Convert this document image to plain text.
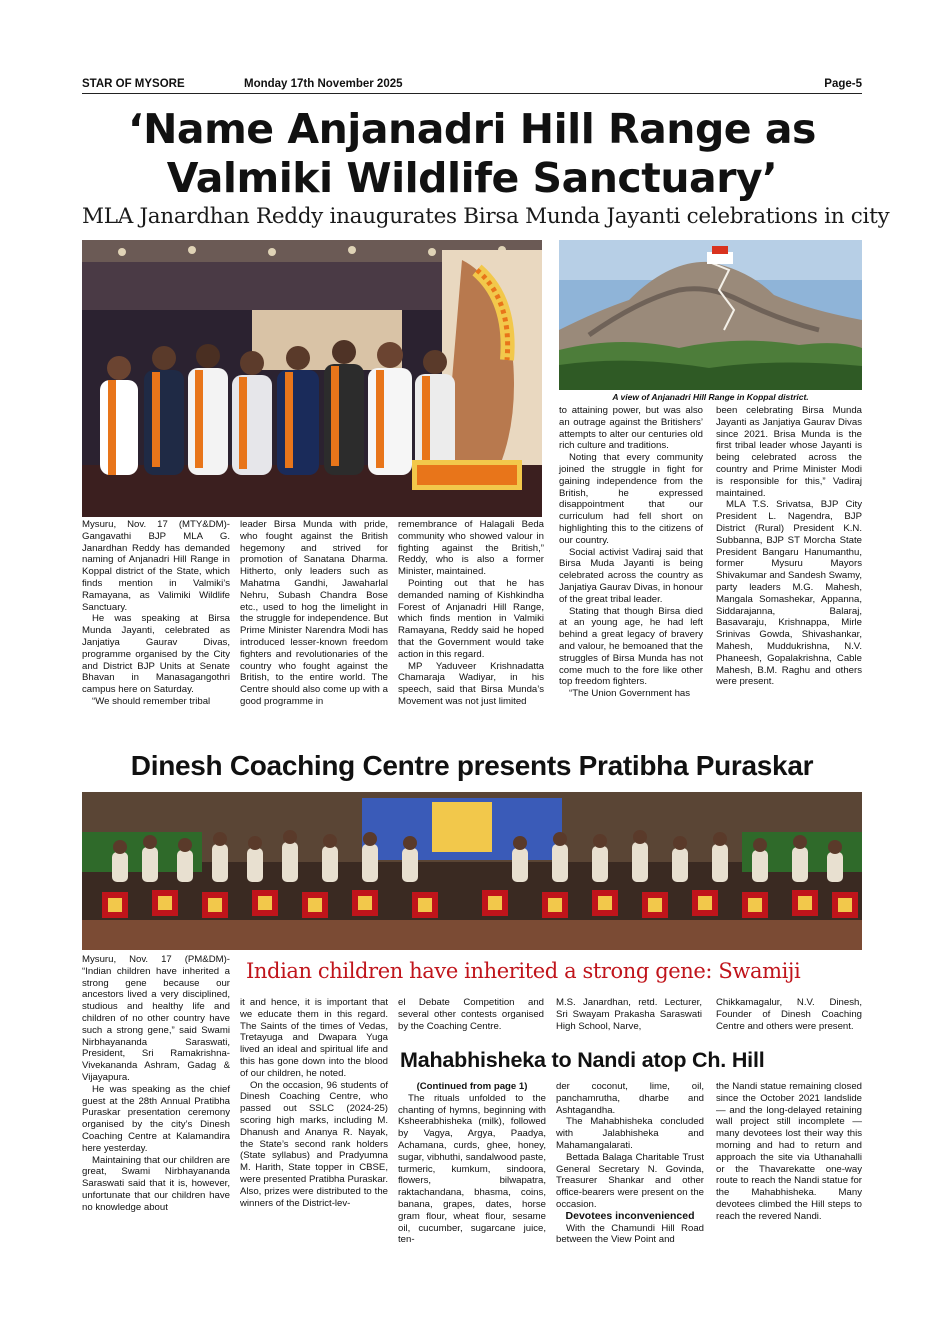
STAR OF MYSORE	Monday 17th November 2025	Page-5
‘Name Anjanadri Hill Range as
Valmiki Wildlife Sanctuary’
MLA Janardhan Reddy inaugurates Birsa Munda Jayanti celebrations in city
A view of Anjanadri Hill Range in Koppal district.

Mysuru, Nov. 17 (MTY&DM)- Gangavathi BJP MLA G. Janardhan Reddy has demanded naming of Anjanadri Hill Range in Koppal district of the State, which finds mention in Valmiki’s Ramayana, as Valimiki Wildlife Sanctuary.

He was speaking at Birsa Munda Jayanti, celebrated as Janjatiya Gaurav Divas, programme organised by the City and District BJP Units at Senate Bhavan in Manasagangothri campus here on Saturday.

“We should remember tribal

leader Birsa Munda with pride, who fought against the British hegemony and strived for promotion of Sanatana Dharma. Hitherto, only leaders such as Mahatma Gandhi, Jawaharlal Nehru, Subash Chandra Bose etc., used to hog the limelight in the struggle for independence. But Prime Minister Narendra Modi has introduced lesser-known freedom fighters and revolutionaries of the country who fought against the British, to the entire world. The Centre should also come up with a good programme in

remembrance of Halagali Beda community who showed valour in fighting against the British,” Reddy, who is also a former Minister, maintained.

Pointing out that he has demanded naming of Kishkindha Forest of Anjanadri Hill Range, which finds mention in Valmiki Ramayana, Reddy said he hoped that the Government would take action in this regard.

MP Yaduveer Krishnadatta Chamaraja Wadiyar, in his speech, said that Birsa Munda’s Movement was not just limited

to attaining power, but was also an outrage against the Britishers’ attempts to alter our centuries old rich culture and traditions.

Noting that every community joined the struggle in fight for gaining independence from the British, he expressed disappointment that our curriculum had fell short on highlighting this to the citizens of our country.

Social activist Vadiraj said that Birsa Muda Jayanti is being celebrated across the country as Janjatiya Gaurav Divas, in honour of the great tribal leader.

Stating that though Birsa died at an young age, he had left behind a great legacy of bravery and valour, he bemoaned that the struggles of Birsa Munda has not come much to the fore like other top freedom fighters.

“The Union Government has

been celebrating Birsa Munda Jayanti as Janjatiya Gaurav Divas since 2021. Brisa Munda is the first tribal leader whose Jayanti is being celebrated across the country and Prime Minister Modi is responsible for this,” Vadiraj maintained.

MLA T.S. Srivatsa, BJP City President L. Nagendra, BJP District (Rural) President K.N. Subbanna, BJP ST Morcha State President Bangaru Hanumanthu, former Mysuru Mayors Shivakumar and Sandesh Swamy, party leaders M.G. Mahesh, Mangala Somashekar, Appanna, Siddarajanna, Balaraj, Basavaraju, Krishnappa, Mirle Srinivas Gowda, Shivashankar, Mahesh, Muddukrishna, N.V. Phaneesh, Gopalakrishna, Cable Mahesh, B.M. Raghu and others were present.

Dinesh Coaching Centre presents Pratibha Puraskar
Indian children have inherited a strong gene: Swamiji

Mysuru, Nov. 17 (PM&DM)- “Indian children have inherited a strong gene because our ancestors lived a very disciplined, studious and healthy life and children of no other country have such a strong gene,” said Swami Nirbhayananda Saraswati, President, Sri Ramakrishna-Vivekananda Ashram, Gadag & Vijayapura.

He was speaking as the chief guest at the 28th Annual Pratibha Puraskar presentation ceremony organised by the city’s Dinesh Coaching Centre at Kalamandira here yesterday.

Maintaining that our children are great, Swami Nirbhayananda Saraswati said that it is, however, unfortunate that our children have no knowledge about

it and hence, it is important that we educate them in this regard. The Saints of the times of Vedas, Tretayuga and Dwapara Yuga lived an ideal and spiritual life and this has gone down into the blood of our children, he noted.

On the occasion, 96 students of Dinesh Coaching Centre, who passed out SSLC (2024-25) scoring high marks, including M. Dhanush and Ananya R. Nayak, the State’s second rank holders (State syllabus) and Pradyumna M. Harith, State topper in CBSE, were presented Pratibha Puraskar. Also, prizes were distributed to the winners of the District-lev-

el Debate Competition and several other contests organised by the Coaching Centre.

M.S. Janardhan, retd. Lecturer, Sri Swayam Prakasha Saraswati High School, Narve,

Chikkamagalur, N.V. Dinesh, Founder of Dinesh Coaching Centre and others were present.

Mahabhisheka to Nandi atop Ch. Hill

(Continued from page 1)

The rituals unfolded to the chanting of hymns, beginning with Ksheerabhisheka (milk), followed by Vagya, Argya, Paadya, Achamana, curds, ghee, honey, sugar, vibhuthi, sandalwood paste, turmeric, kumkum, sindoora, flowers, bilwapatra, raktachandana, bhasma, coins, banana, grapes, dates, horse gram flour, wheat flour, sesame oil, cucumber, sugarcane juice, ten-

der coconut, lime, oil, panchamrutha, dharbe and Ashtagandha.

The Mahabhisheka concluded with Jalabhisheka and Mahamangalarati.

Bettada Balaga Charitable Trust General Secretary N. Govinda, Treasurer Shankar and other office-bearers were present on the occasion.

Devotees inconvenienced

With the Chamundi Hill Road between the View Point and

the Nandi statue remaining closed since the October 2021 landslide — and the long-delayed retaining wall project still incomplete — many devotees lost their way this morning and had to return and approach the site via Uthanahalli or the Thavarekatte one-way route to reach the Nandi statue for the Mahabhisheka. Many devotees climbed the Hill steps to reach the revered Nandi.
